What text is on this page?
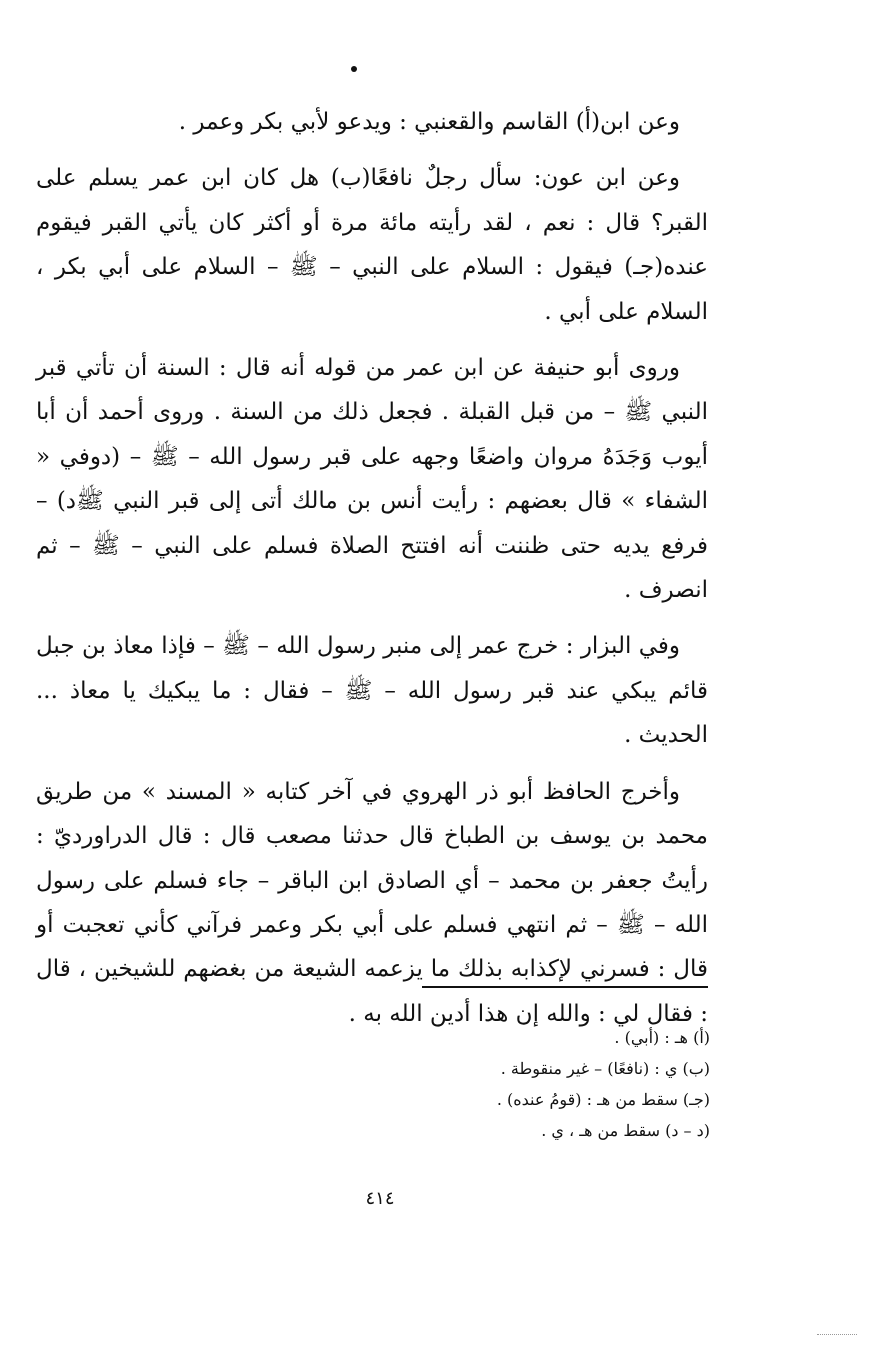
وعن ابن(أ) القاسم والقعنبي : ويدعو لأبي بكر وعمر .

وعن ابن عون: سأل رجلٌ نافعًا(ب) هل كان ابن عمر يسلم على القبر؟ قال : نعم ، لقد رأيته مائة مرة أو أكثر كان يأتي القبر فيقوم عنده(جـ) فيقول : السلام على النبي – ﷺ – السلام على أبي بكر ، السلام على أبي .

وروى أبو حنيفة عن ابن عمر من قوله أنه قال : السنة أن تأتي قبر النبي ﷺ – من قبل القبلة . فجعل ذلك من السنة . وروى أحمد أن أبا أيوب وَجَدَهُ مروان واضعًا وجهه على قبر رسول الله – ﷺ – (دوفي « الشفاء » قال بعضهم : رأيت أنس بن مالك أتى إلى قبر النبي ﷺد) – فرفع يديه حتى ظننت أنه افتتح الصلاة فسلم على النبي – ﷺ – ثم انصرف .

وفي البزار : خرج عمر إلى منبر رسول الله – ﷺ – فإذا معاذ بن جبل قائم يبكي عند قبر رسول الله – ﷺ – فقال : ما يبكيك يا معاذ ... الحديث .

وأخرج الحافظ أبو ذر الهروي في آخر كتابه « المسند » من طريق محمد بن يوسف بن الطباخ قال حدثنا مصعب قال : قال الدراورديّ : رأيتُ جعفر بن محمد – أي الصادق ابن الباقر – جاء فسلم على رسول الله – ﷺ – ثم انتهي فسلم على أبي بكر وعمر فرآني كأني تعجبت أو قال : فسرني لإكذابه بذلك ما يزعمه الشيعة من بغضهم للشيخين ، قال : فقال لي : والله إن هذا أدين الله به .

(أ) هـ : (أبي) .
(ب) ي : (نافعًا) – غير منقوطة .
(جـ) سقط من هـ : (قومُ عنده) .
(د – د) سقط من هـ ، ي .
٤١٤
